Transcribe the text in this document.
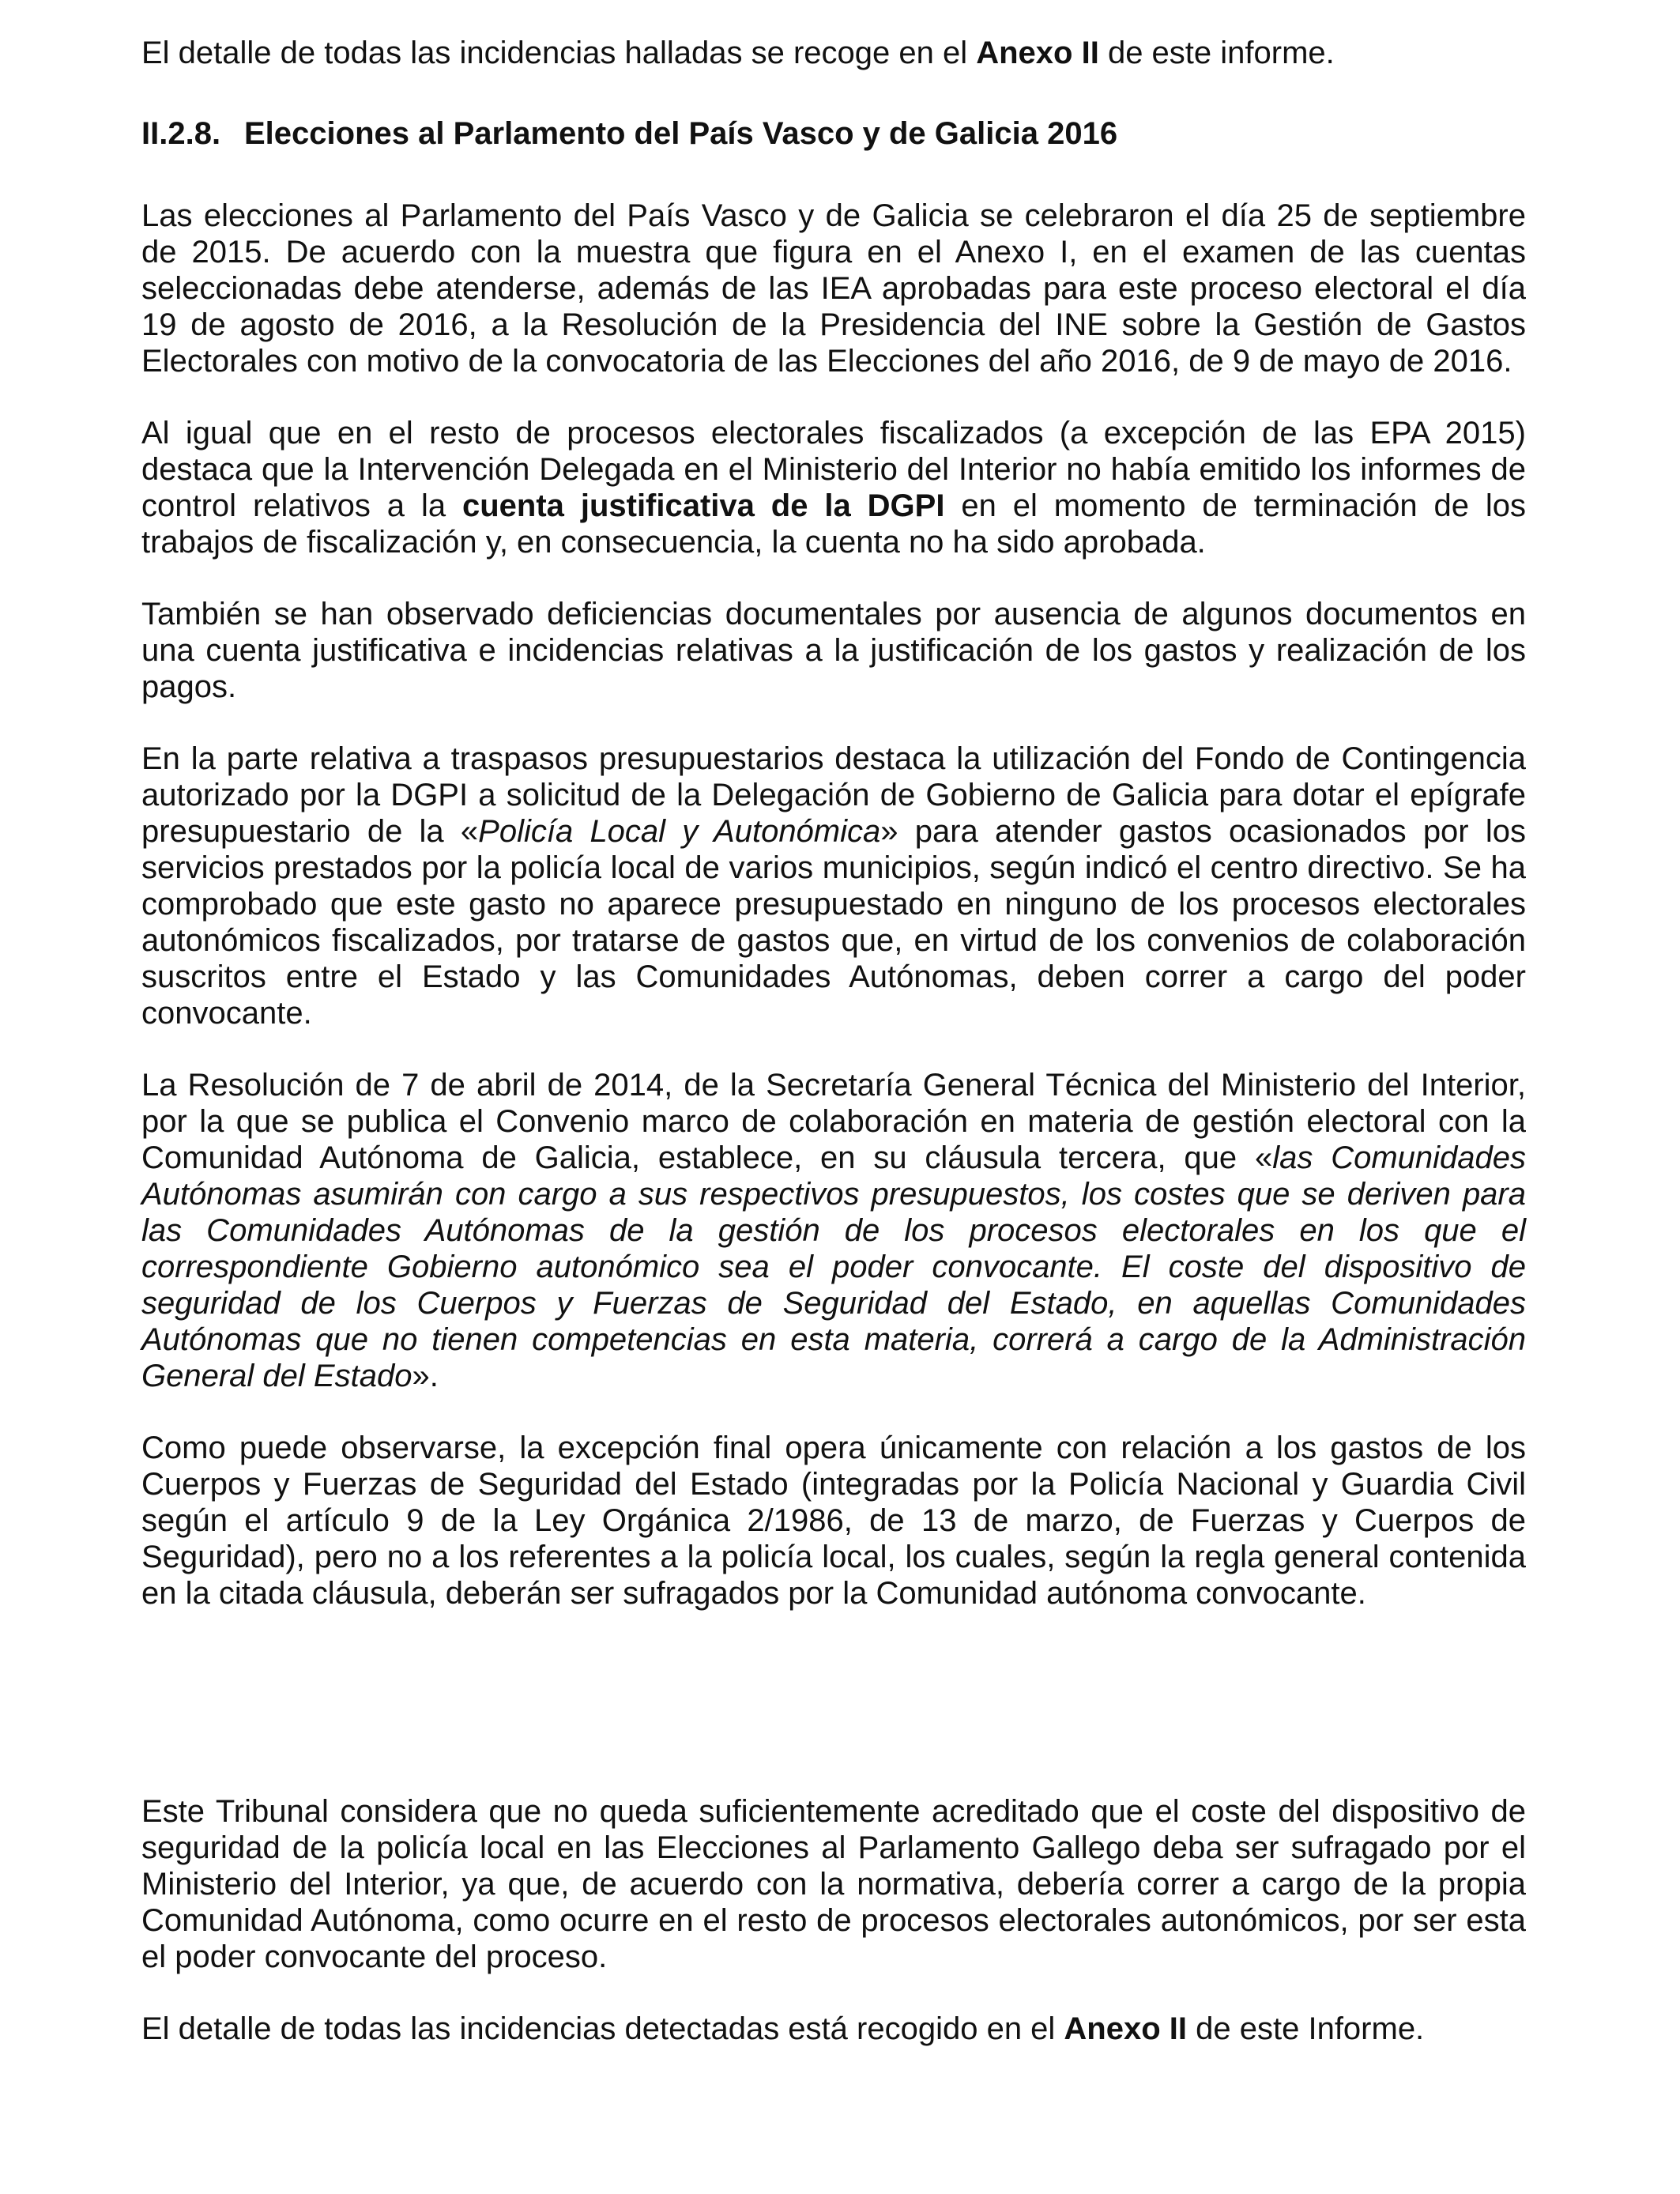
El detalle de todas las incidencias halladas se recoge en el Anexo II de este informe.

II.2.8. Elecciones al Parlamento del País Vasco y de Galicia 2016

Las elecciones al Parlamento del País Vasco y de Galicia se celebraron el día 25 de septiembre de 2015. De acuerdo con la muestra que figura en el Anexo I, en el examen de las cuentas seleccionadas debe atenderse, además de las IEA aprobadas para este proceso electoral el día 19 de agosto de 2016, a la Resolución de la Presidencia del INE sobre la Gestión de Gastos Electorales con motivo de la convocatoria de las Elecciones del año 2016, de 9 de mayo de 2016.

Al igual que en el resto de procesos electorales fiscalizados (a excepción de las EPA 2015) destaca que la Intervención Delegada en el Ministerio del Interior no había emitido los informes de control relativos a la cuenta justificativa de la DGPI en el momento de terminación de los trabajos de fiscalización y, en consecuencia, la cuenta no ha sido aprobada.

También se han observado deficiencias documentales por ausencia de algunos documentos en una cuenta justificativa e incidencias relativas a la justificación de los gastos y realización de los pagos.

En la parte relativa a traspasos presupuestarios destaca la utilización del Fondo de Contingencia autorizado por la DGPI a solicitud de la Delegación de Gobierno de Galicia para dotar el epígrafe presupuestario de la «Policía Local y Autonómica» para atender gastos ocasionados por los servicios prestados por la policía local de varios municipios, según indicó el centro directivo. Se ha comprobado que este gasto no aparece presupuestado en ninguno de los procesos electorales autonómicos fiscalizados, por tratarse de gastos que, en virtud de los convenios de colaboración suscritos entre el Estado y las Comunidades Autónomas, deben correr a cargo del poder convocante.

La Resolución de 7 de abril de 2014, de la Secretaría General Técnica del Ministerio del Interior, por la que se publica el Convenio marco de colaboración en materia de gestión electoral con la Comunidad Autónoma de Galicia, establece, en su cláusula tercera, que «las Comunidades Autónomas asumirán con cargo a sus respectivos presupuestos, los costes que se deriven para las Comunidades Autónomas de la gestión de los procesos electorales en los que el correspondiente Gobierno autonómico sea el poder convocante. El coste del dispositivo de seguridad de los Cuerpos y Fuerzas de Seguridad del Estado, en aquellas Comunidades Autónomas que no tienen competencias en esta materia, correrá a cargo de la Administración General del Estado».

Como puede observarse, la excepción final opera únicamente con relación a los gastos de los Cuerpos y Fuerzas de Seguridad del Estado (integradas por la Policía Nacional y Guardia Civil según el artículo 9 de la Ley Orgánica 2/1986, de 13 de marzo, de Fuerzas y Cuerpos de Seguridad), pero no a los referentes a la policía local, los cuales, según la regla general contenida en la citada cláusula, deberán ser sufragados por la Comunidad autónoma convocante.

Este Tribunal considera que no queda suficientemente acreditado que el coste del dispositivo de seguridad de la policía local en las Elecciones al Parlamento Gallego deba ser sufragado por el Ministerio del Interior, ya que, de acuerdo con la normativa, debería correr a cargo de la propia Comunidad Autónoma, como ocurre en el resto de procesos electorales autonómicos, por ser esta el poder convocante del proceso.

El detalle de todas las incidencias detectadas está recogido en el Anexo II de este Informe.
